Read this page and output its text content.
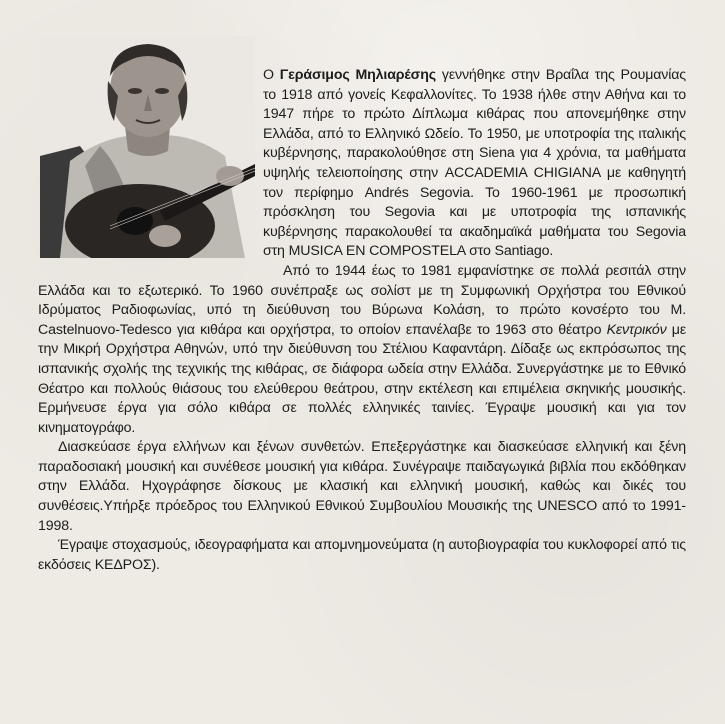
Ο Γεράσιμος Μηλιαρέσης γεννήθηκε στην Βραΐλα της Ρουμανίας το 1918 από γονείς Κεφαλλονίτες. Το 1938 ήλθε στην Αθήνα και το 1947 πήρε το πρώτο Δίπλωμα κιθάρας που απονεμήθηκε στην Ελλάδα, από το Ελληνικό Ωδείο. Το 1950, με υποτροφία της ιταλικής κυβέρνησης, παρακολούθησε στη Siena για 4 χρόνια, τα μαθήματα υψηλής τελειοποίησης στην ACCADEMIA CHIGIANA με καθηγητή τον περίφημο Andrés Segovia. Το 1960-1961 με προσωπική πρόσκληση του Segovia και με υποτροφία της ισπανικής κυβέρνησης παρακολουθεί τα ακαδημαϊκά μαθήματα του Segovia στη MUSICA EN COMPOSTELA στο Santiago.

Από το 1944 έως το 1981 εμφανίστηκε σε πολλά ρεσιτάλ στην Ελλάδα και το εξωτερικό. Το 1960 συνέπραξε ως σολίστ με τη Συμφωνική Ορχήστρα του Εθνικού Ιδρύματος Ραδιοφωνίας, υπό τη διεύθυνση του Βύρωνα Κολάση, το πρώτο κονσέρτο του M. Castelnuovo-Tedesco για κιθάρα και ορχήστρα, το οποίον επανέλαβε το 1963 στο θέατρο Κεντρικόν με την Μικρή Ορχήστρα Αθηνών, υπό την διεύθυνση του Στέλιου Καφαντάρη. Δίδαξε ως εκπρόσωπος της ισπανικής σχολής της τεχνικής της κιθάρας, σε διάφορα ωδεία στην Ελλάδα. Συνεργάστηκε με το Εθνικό Θέατρο και πολλούς θιάσους του ελεύθερου θεάτρου, στην εκτέλεση και επιμέλεια σκηνικής μουσικής. Ερμήνευσε έργα για σόλο κιθάρα σε πολλές ελληνικές ταινίες. Έγραψε μουσική και για τον κινηματογράφο.

Διασκεύασε έργα ελλήνων και ξένων συνθετών. Επεξεργάστηκε και διασκεύασε ελληνική και ξένη παραδοσιακή μουσική και συνέθεσε μουσική για κιθάρα. Συνέγραψε παιδαγωγικά βιβλία που εκδόθηκαν στην Ελλάδα. Ηχογράφησε δίσκους με κλασική και ελληνική μουσική, καθώς και δικές του συνθέσεις.Υπήρξε πρόεδρος του Ελληνικού Εθνικού Συμβουλίου Μουσικής της UNESCO από το 1991-1998.

Έγραψε στοχασμούς, ιδεογραφήματα και απομνημονεύματα (η αυτοβιογραφία του κυκλοφορεί από τις εκδόσεις ΚΕΔΡΟΣ).
